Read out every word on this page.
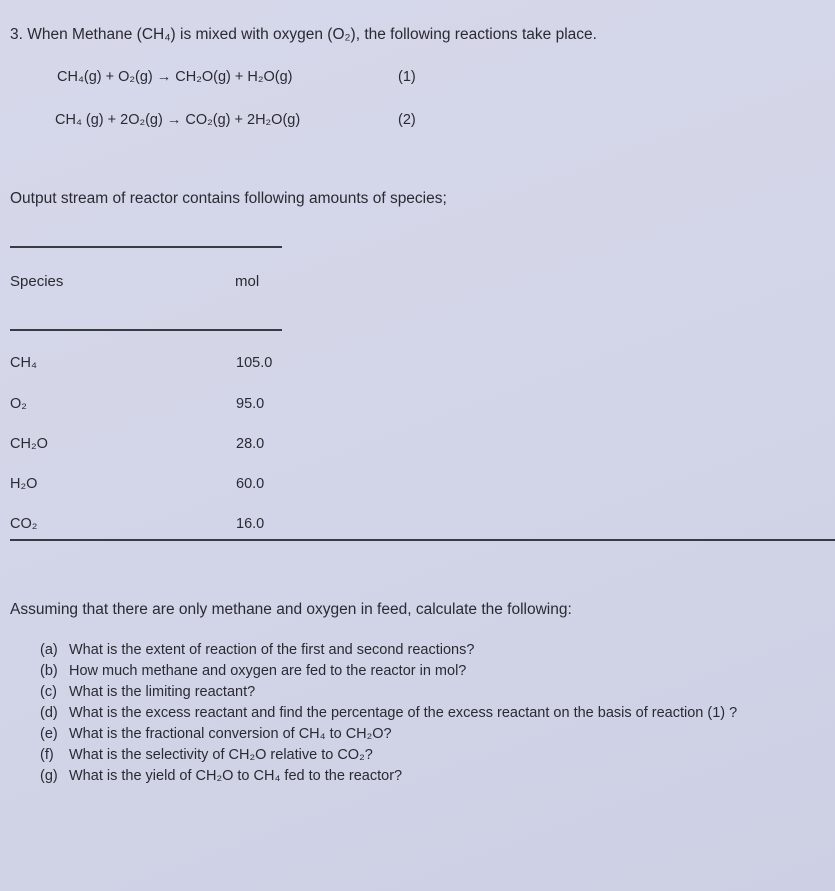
3. When Methane (CH₄) is mixed with oxygen (O₂), the following reactions take place.
CH₄(g) + O₂(g) → CH₂O(g) + H₂O(g)	(1)
CH₄ (g) + 2O₂(g) → CO₂(g) + 2H₂O(g)	(2)
Output stream of reactor contains following amounts of species;
Species	mol
CH₄	105.0
O₂	95.0
CH₂O	28.0
H₂O	60.0
CO₂	16.0
Assuming that there are only methane and oxygen in feed, calculate the following:
(a) What is the extent of reaction of the first and second reactions?
(b) How much methane and oxygen are fed to the reactor in mol?
(c) What is the limiting reactant?
(d) What is the excess reactant and find the percentage of the excess reactant on the basis of reaction (1) ?
(e) What is the fractional conversion of CH₄ to CH₂O?
(f) What is the selectivity of CH₂O relative to CO₂?
(g) What is the yield of CH₂O to CH₄ fed to the reactor?
